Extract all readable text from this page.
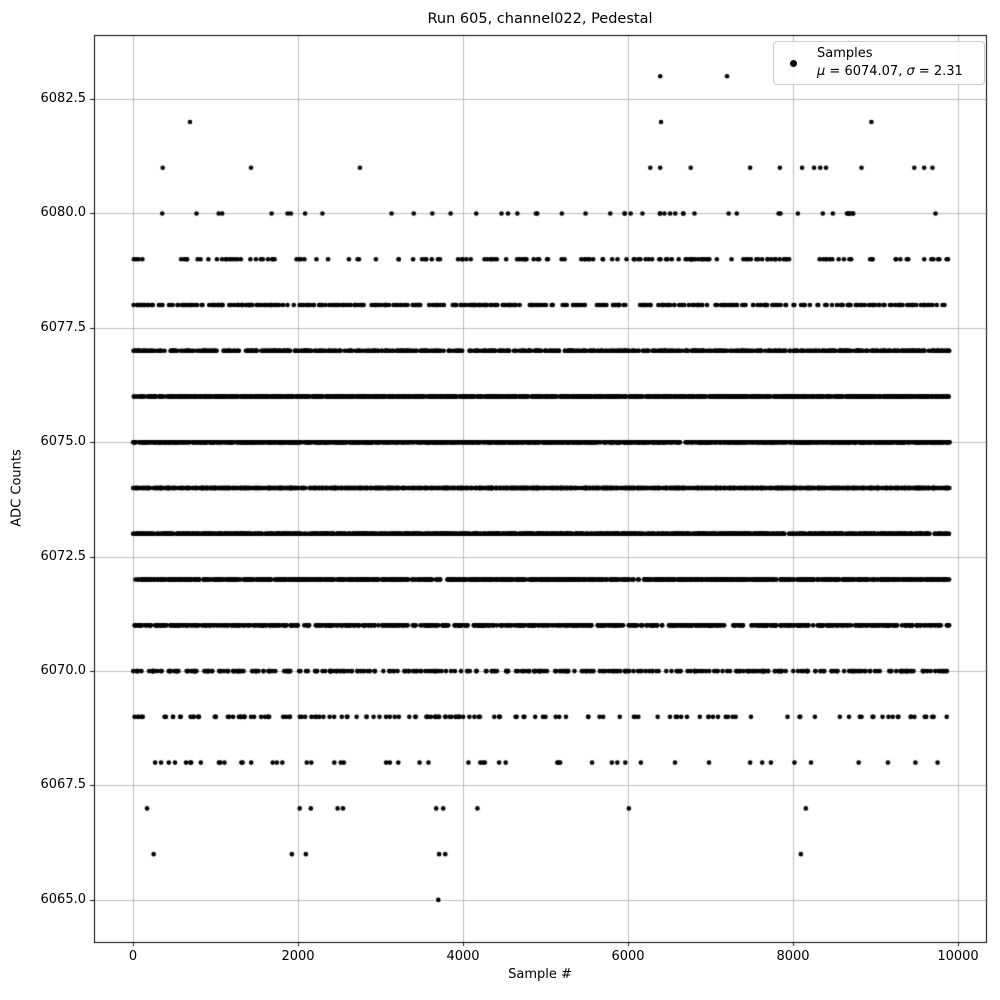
Run 605, channel022, Pedestal
ADC Counts
Sample #
6065.0
6067.5
6070.0
6072.5
6075.0
6077.5
6080.0
6082.5
0	2000	4000	6000	8000	10000
Samples
μ = 6074.07, σ = 2.31
